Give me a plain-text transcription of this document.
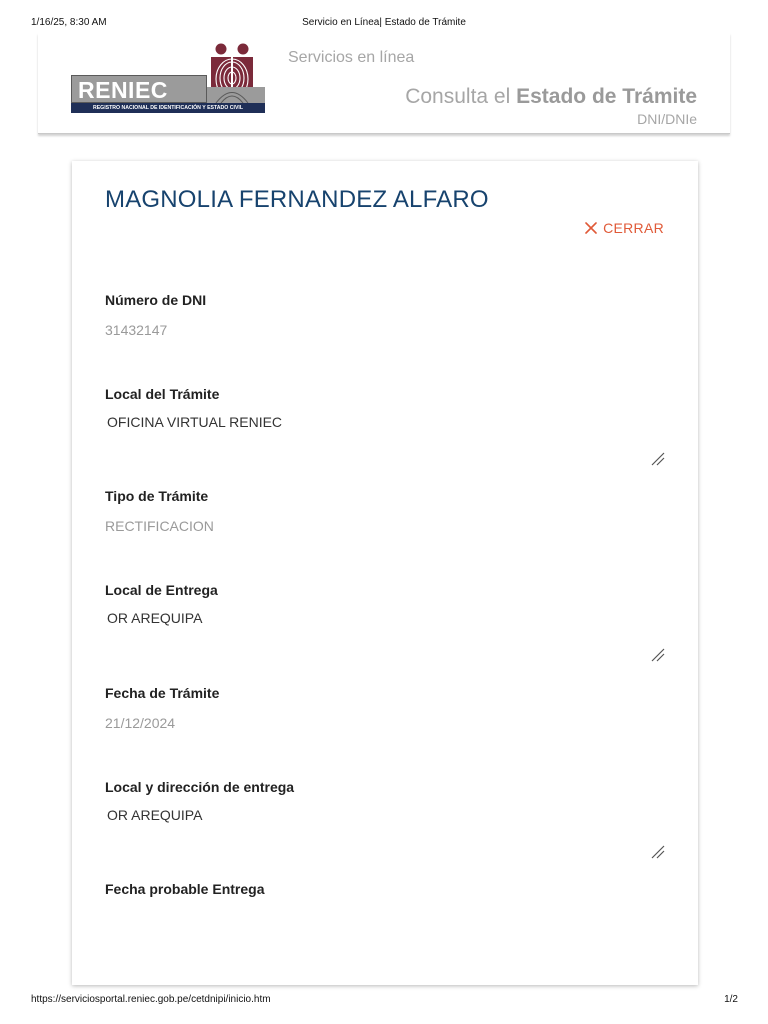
1/16/25, 8:30 AM	Servicio en Línea| Estado de Trámite
RENIEC
REGISTRO NACIONAL DE IDENTIFICACIÓN Y ESTADO CIVIL
Servicios en línea
Consulta el Estado de Trámite
DNI/DNIe
MAGNOLIA FERNANDEZ ALFARO
CERRAR
Número de DNI
31432147
Local del Trámite
OFICINA VIRTUAL RENIEC
Tipo de Trámite
RECTIFICACION
Local de Entrega
OR AREQUIPA
Fecha de Trámite
21/12/2024
Local y dirección de entrega
OR AREQUIPA
Fecha probable Entrega
https://serviciosportal.reniec.gob.pe/cetdnipi/inicio.htm	1/2
